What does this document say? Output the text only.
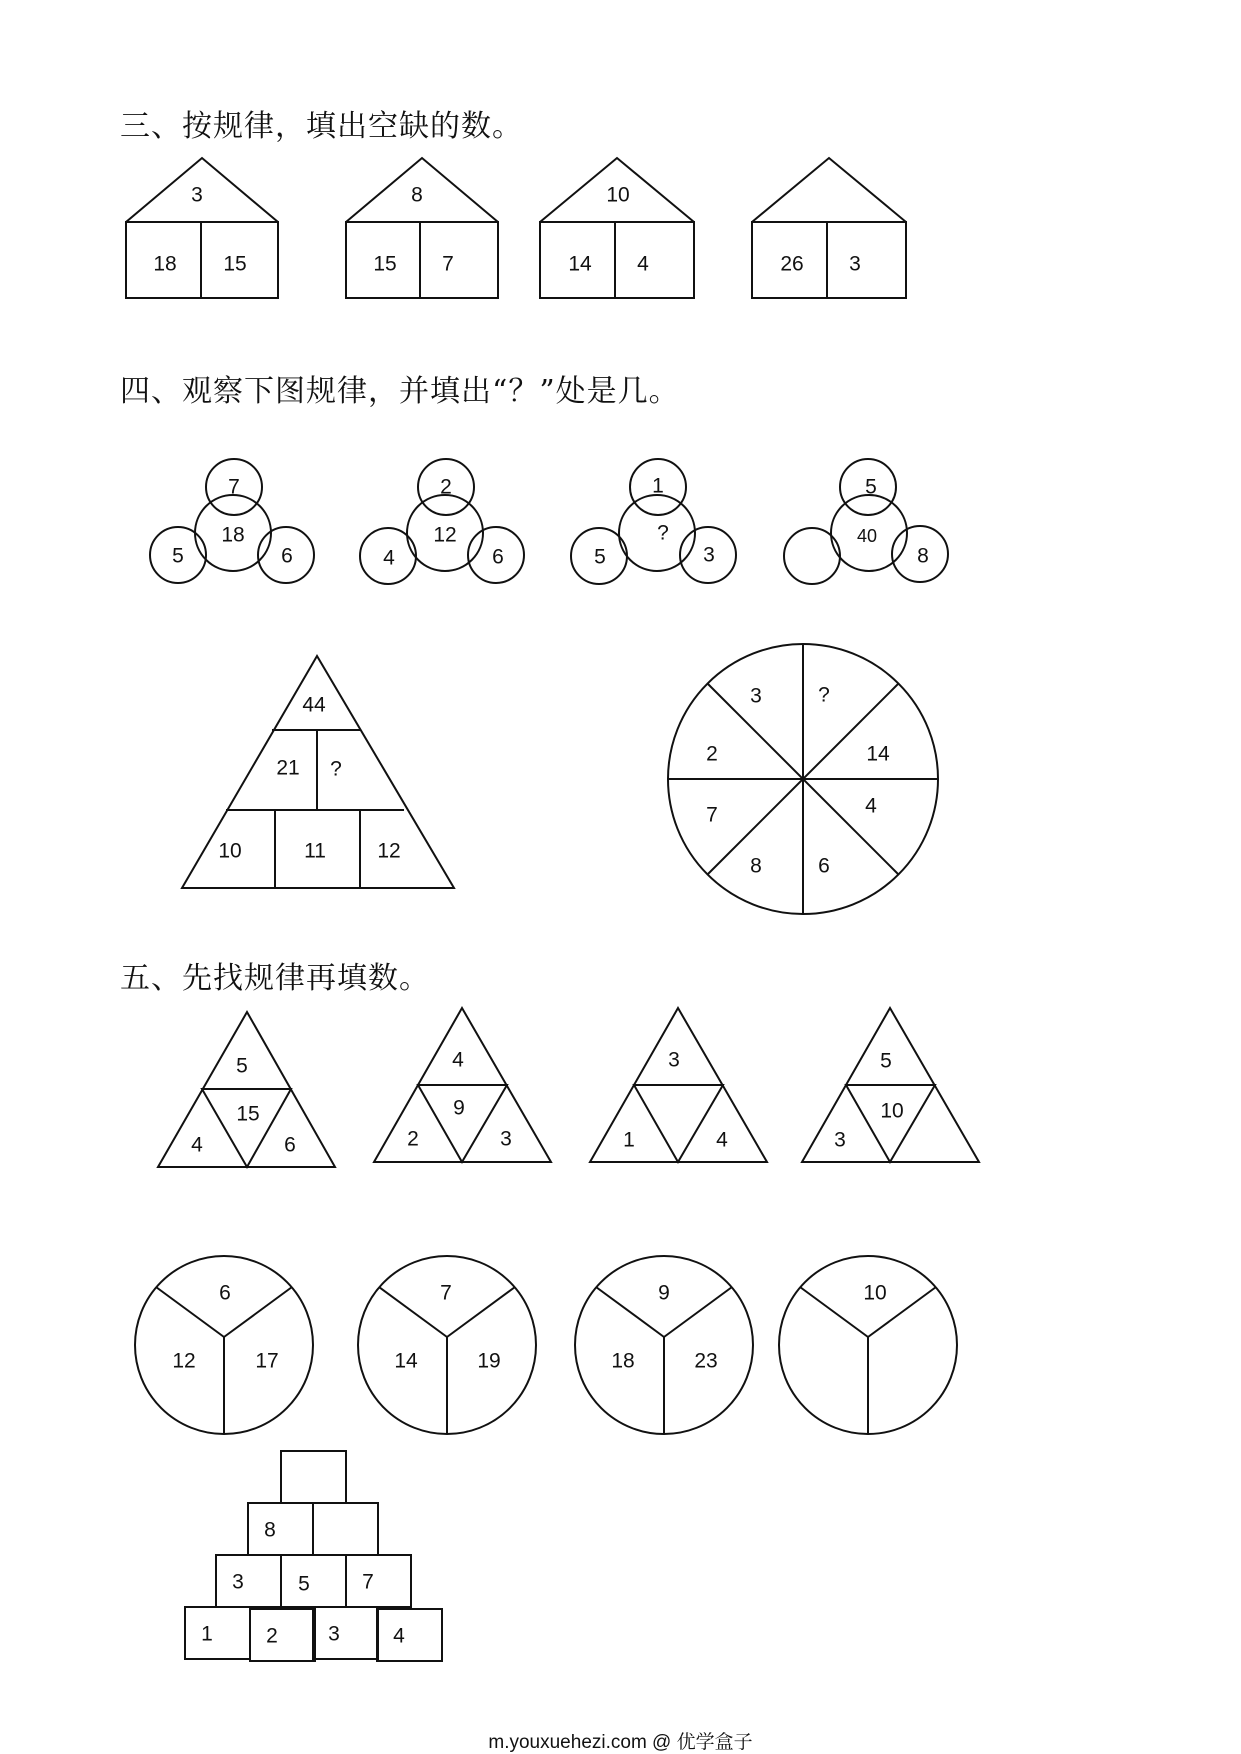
三、按规律，填出空缺的数。
四、观察下图规律，并填出“？”处是几。
五、先找规律再填数。
3
18 15
8
15 7
10
14 4	26 3
7
18
5	6
2
12
4	6
1
?
5	3
5
40
8
44
21 ?
10	11 12
3	?
14
4
6
8
7
2
5
15
4	6
4
9
2	3
3
1	4
5
10
3
6
12	17
7
14	19
9
18	23
10
8
3	5 7
1	2 3	4
m.youxuehezi.com @ 优学盒子
